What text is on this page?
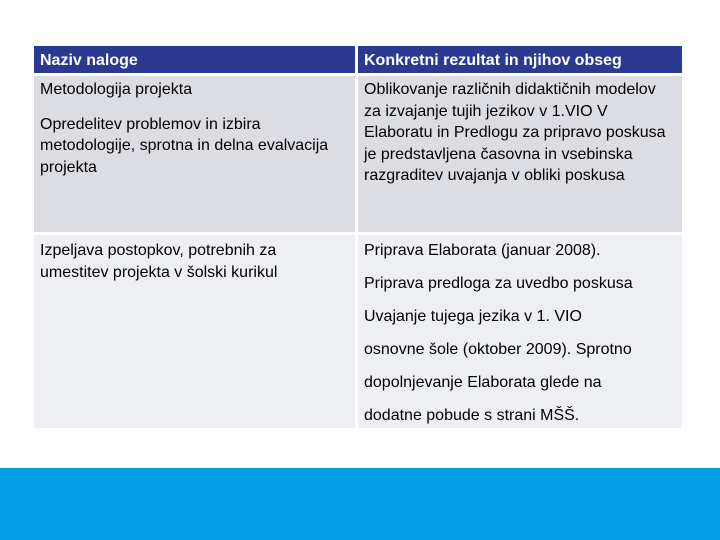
Naziv naloge	Konkretni rezultat in njihov obseg
Metodologija projekta
Opredelitev problemov in izbira metodologije, sprotna in delna evalvacija projekta
Oblikovanje različnih didaktičnih modelov za izvajanje tujih jezikov v 1.VIO V Elaboratu in Predlogu za pripravo poskusa je predstavljena časovna in vsebinska razgraditev uvajanja v obliki poskusa
Izpeljava postopkov, potrebnih za umestitev projekta v šolski kurikul
Priprava Elaborata (januar 2008).
Priprava predloga za uvedbo poskusa
Uvajanje tujega jezika v 1. VIO
osnovne šole (oktober 2009). Sprotno
dopolnjevanje Elaborata glede na
dodatne pobude s strani MŠŠ.
